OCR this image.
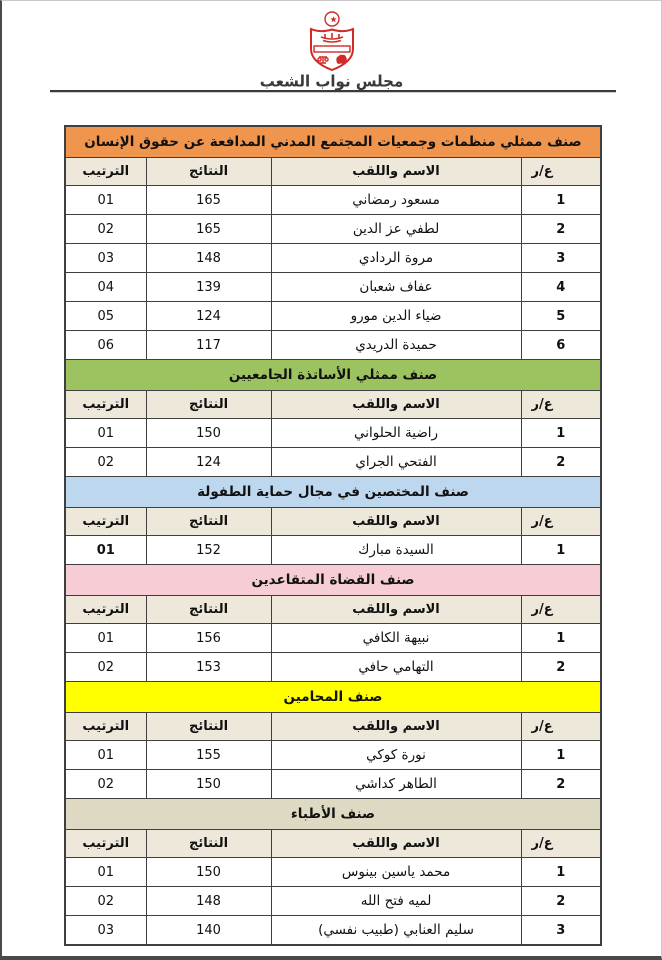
مجلس نواب الشعب
صنف ممثلي منظمات وجمعيات المجتمع المدني المدافعة عن حقوق الإنسان			
ع/ر	الاسم واللقب	النتائج	الترتيب
1	مسعود رمضاني	165	01
2	لطفي عز الدين	165	02
3	مروة الردادي	148	03
4	عفاف شعبان	139	04
5	ضياء الدين مورو	124	05
6	حميدة الدريدي	117	06
صنف ممثلي الأساتذة الجامعيين			
ع/ر	الاسم واللقب	النتائج	الترتيب
1	راضية الحلواني	150	01
2	الفتحي الجراي	124	02
صنف المختصين في مجال حماية الطفولة			
ع/ر	الاسم واللقب	النتائج	الترتيب
1	السيدة مبارك	152	01
صنف القضاة المتقاعدين			
ع/ر	الاسم واللقب	النتائج	الترتيب
1	نبيهة الكافي	156	01
2	التهامي حافي	153	02
صنف المحامين			
ع/ر	الاسم واللقب	النتائج	الترتيب
1	نورة كوكي	155	01
2	الطاهر كداشي	150	02
صنف الأطباء			
ع/ر	الاسم واللقب	النتائج	الترتيب
1	محمد ياسين بينوس	150	01
2	لميه فتح الله	148	02
3	سليم العنابي (طبيب نفسي)	140	03
